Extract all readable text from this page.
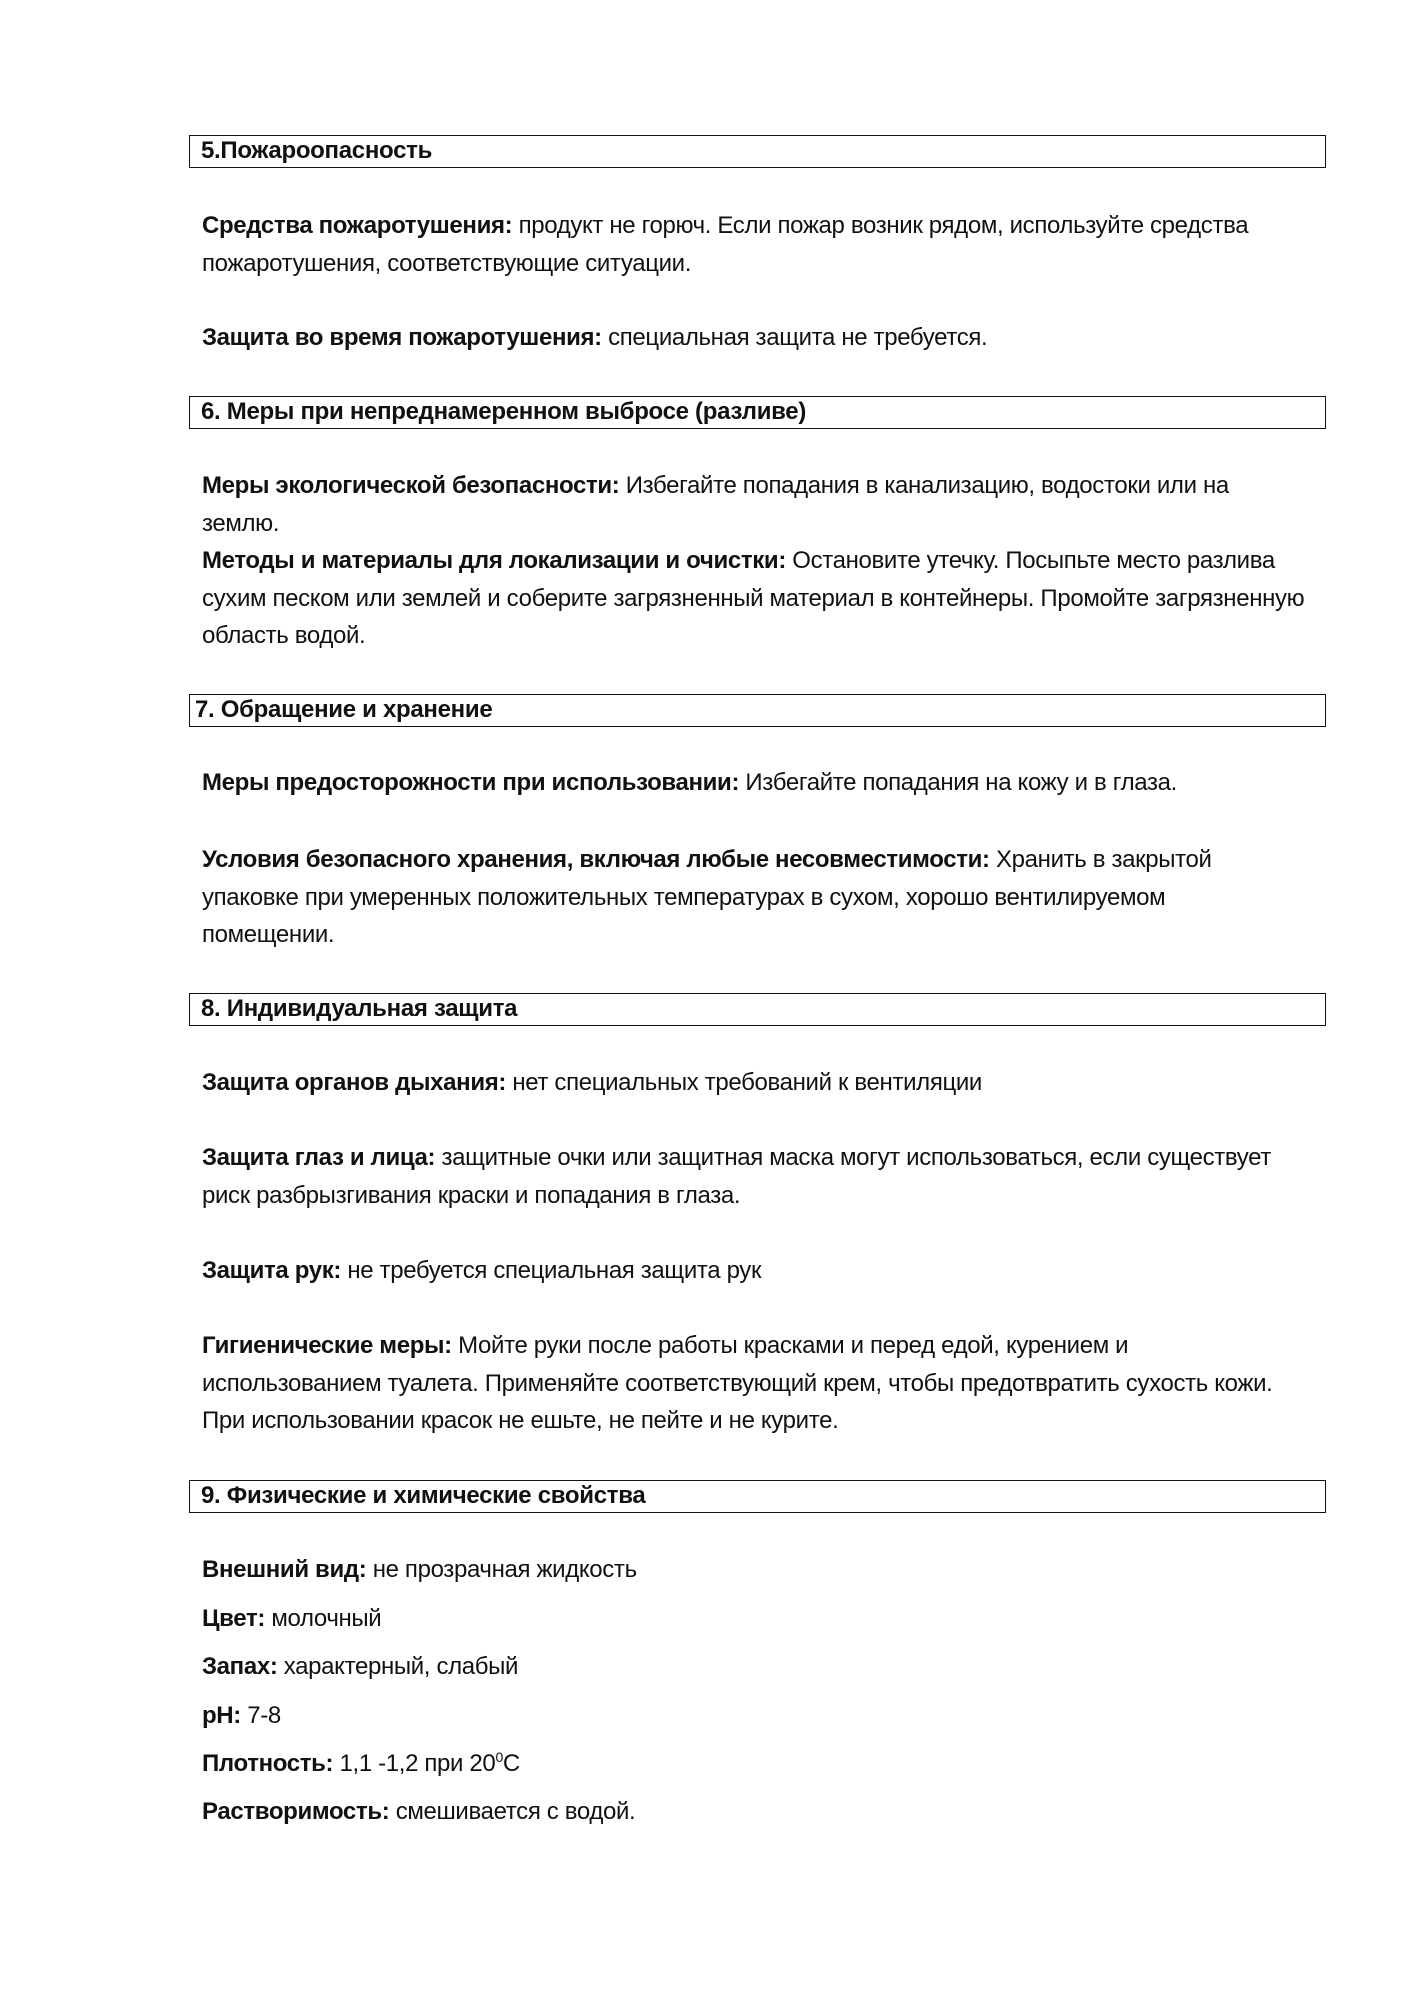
5.Пожароопасность
Средства пожаротушения: продукт не горюч. Если пожар возник рядом, используйте средства
пожаротушения, соответствующие ситуации.
Защита во время пожаротушения: специальная защита не требуется.
6. Меры при непреднамеренном выбросе (разливе)
Меры экологической безопасности: Избегайте попадания в канализацию, водостоки или на
землю.
Методы и материалы для локализации и очистки: Остановите утечку. Посыпьте место разлива
сухим песком или землей и соберите загрязненный материал в контейнеры. Промойте загрязненную
область водой.
7. Обращение и хранение
Меры предосторожности при использовании: Избегайте попадания на кожу и в глаза.
Условия безопасного хранения, включая любые несовместимости: Хранить в закрытой
упаковке при умеренных положительных температурах в сухом, хорошо вентилируемом
помещении.
8. Индивидуальная защита
Защита органов дыхания: нет специальных требований к вентиляции
Защита глаз и лица: защитные очки или защитная маска могут использоваться, если существует
риск разбрызгивания краски и попадания в глаза.
Защита рук: не требуется специальная защита рук
Гигиенические меры: Мойте руки после работы красками и перед едой, курением и
использованием туалета. Применяйте соответствующий крем, чтобы предотвратить сухость кожи.
При использовании красок не ешьте, не пейте и не курите.
9. Физические и химические свойства
Внешний вид: не прозрачная жидкость
Цвет: молочный
Запах: характерный, слабый
pH: 7-8
Плотность: 1,1 -1,2 при $20^0С$
Растворимость: смешивается с водой.
